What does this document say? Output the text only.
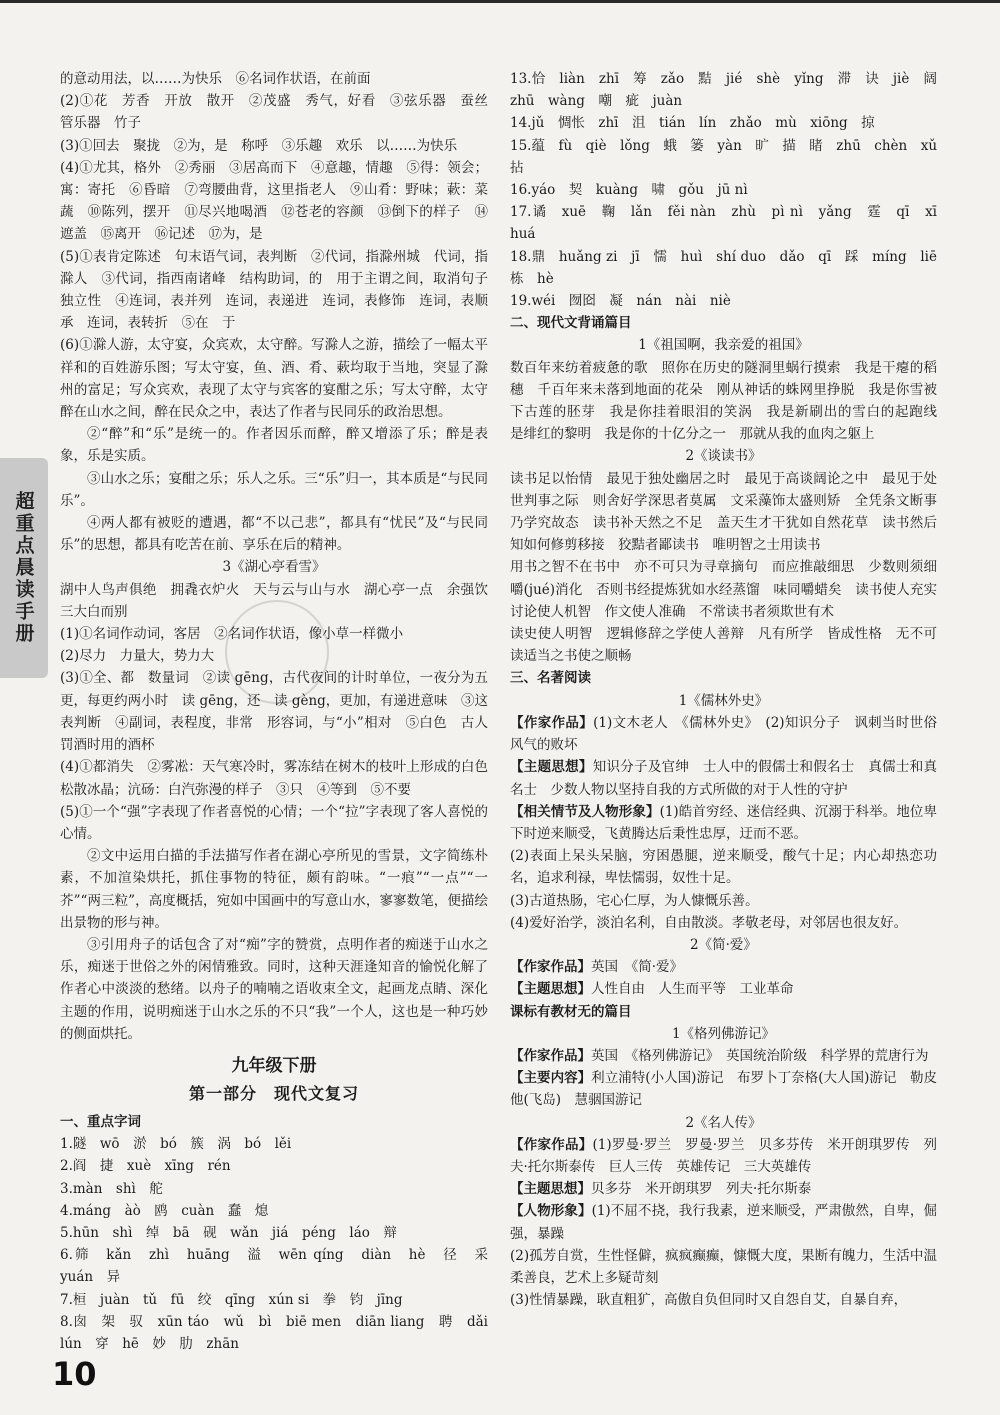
超重点晨读手册

的意动用法，以……为快乐　⑥名词作状语，在前面

(2)①花　芳香　开放　散开　②茂盛　秀气，好看　③弦乐器　蚕丝　管乐器　竹子

(3)①回去　聚拢　②为，是　称呼　③乐趣　欢乐　以……为快乐

(4)①尤其，格外　②秀丽　③居高而下　④意趣，情趣　⑤得：领会；寓：寄托　⑥昏暗　⑦弯腰曲背，这里指老人　⑨山肴：野味；蔌：菜蔬　⑩陈列，摆开　⑪尽兴地喝酒　⑫苍老的容颜　⑬倒下的样子　⑭遮盖　⑮离开　⑯记述　⑰为，是

(5)①表肯定陈述　句末语气词，表判断　②代词，指滁州城　代词，指滁人　③代词，指西南诸峰　结构助词，的　用于主谓之间，取消句子独立性　④连词，表并列　连词，表递进　连词，表修饰　连词，表顺承　连词，表转折　⑤在　于

(6)①滁人游，太守宴，众宾欢，太守醉。写滁人之游，描绘了一幅太平祥和的百姓游乐图；写太守宴，鱼、酒、肴、蔌均取于当地，突显了滁州的富足；写众宾欢，表现了太守与宾客的宴酣之乐；写太守醉，太守醉在山水之间，醉在民众之中，表达了作者与民同乐的政治思想。

②“醉”和“乐”是统一的。作者因乐而醉，醉又增添了乐；醉是表象，乐是实质。

③山水之乐；宴酣之乐；乐人之乐。三“乐”归一，其本质是“与民同乐”。

④两人都有被贬的遭遇，都“不以己悲”，都具有“忧民”及“与民同乐”的思想，都具有吃苦在前、享乐在后的精神。

3《湖心亭看雪》

湖中人鸟声俱绝　拥毳衣炉火　天与云与山与水　湖心亭一点　余强饮三大白而别

(1)①名词作动词，客居　②名词作状语，像小草一样微小

(2)尽力　力量大，势力大

(3)①全、都　数量词　②读 gēng，古代夜间的计时单位，一夜分为五更，每更约两小时　读 gēng，还　读 gèng，更加，有递进意味　③这　表判断　④副词，表程度，非常　形容词，与“小”相对　⑤白色　古人罚酒时用的酒杯

(4)①都消失　②雾凇：天气寒冷时，雾冻结在树木的枝叶上形成的白色松散冰晶；沆砀：白汽弥漫的样子　③只　④等到　⑤不要

(5)①一个“强”字表现了作者喜悦的心情；一个“拉”字表现了客人喜悦的心情。

②文中运用白描的手法描写作者在湖心亭所见的雪景，文字简练朴素，不加渲染烘托，抓住事物的特征，颇有韵味。“一痕”“一点”“一芥”“两三粒”，高度概括，宛如中国画中的写意山水，寥寥数笔，便描绘出景物的形与神。

③引用舟子的话包含了对“痴”字的赞赏，点明作者的痴迷于山水之乐，痴迷于世俗之外的闲情雅致。同时，这种天涯逢知音的愉悦化解了作者心中淡淡的愁绪。以舟子的喃喃之语收束全文，起画龙点睛、深化主题的作用，说明痴迷于山水之乐的不只“我”一个人，这也是一种巧妙的侧面烘托。

九年级下册
第一部分　现代文复习
一、重点字词

1.隧　wō　淤　bó　簇　涡　bó　lěi

2.阎　捷　xuè　xīng　rén

3.màn　shì　舵

4.máng　àò　鸥　cuàn　蠢　熄

5.hūn　shì　绰　bā　砚　wǎn　jiá　péng　láo　辩

6.筛　kǎn　zhì　huāng　溢　wēn qíng　diàn　hè　径　采　yuán　异

7.桓　juàn　tǔ　fū　绞　qīng　xún si　拳　钧　jīng

8.囱　架　驭　xūn táo　wǔ　bì　biē men　diān liang　聘　dǎi　lún　穿　hē　妙　肋　zhān

13.恰　liàn　zhī　筹　zǎo　黠　jié　shè　yǐng　滞　诀　jiè　阔　zhū　wàng　嘲　疵　juàn

14.jǔ　惆怅　zhī　沮　tián　lín　zhǎo　mù　xiōng　掠

15.蕴　fù　qiè　lǒng　蛾　篓　yàn　旷　描　睹　zhū　chèn　xǔ　拈

16.yáo　契　kuàng　啸　gǒu　jū nì

17.谲　xuē　鞠　lǎn　fěi nàn　zhù　pì nì　yǎng　霆　qī　xī　huá

18.鼎　huǎng zi　jī　懦　huì　shí duo　dǎo　qī　踩　míng　liē　栋　hè

19.wéi　囫囵　凝　nán　nài　niè

二、现代文背诵篇目

1《祖国啊，我亲爱的祖国》

数百年来纺着疲惫的歌　照你在历史的隧洞里蜗行摸索　我是干瘪的稻穗　千百年来未落到地面的花朵　刚从神话的蛛网里挣脱　我是你雪被下古莲的胚芽　我是你挂着眼泪的笑涡　我是新刷出的雪白的起跑线　是绯红的黎明　我是你的十亿分之一　那就从我的血肉之躯上

2《谈读书》

读书足以怡情　最见于独处幽居之时　最见于高谈阔论之中　最见于处世判事之际　则舍好学深思者莫属　文采藻饰太盛则矫　全凭条文断事乃学究故态　读书补天然之不足　盖天生才干犹如自然花草　读书然后知如何修剪移接　狡黠者鄙读书　唯明智之士用读书

用书之智不在书中　亦不可只为寻章摘句　而应推敲细思　少数则须细嚼(jué)消化　否则书经提炼犹如水经蒸馏　味同嚼蜡矣　读书使人充实　讨论使人机智　作文使人准确　不常读书者须欺世有术

读史使人明智　逻辑修辞之学使人善辩　凡有所学　皆成性格　无不可读适当之书使之顺畅

三、名著阅读

1《儒林外史》

【作家作品】(1)文木老人　《儒林外史》　(2)知识分子　讽刺当时世俗风气的败坏

【主题思想】知识分子及官绅　士人中的假儒士和假名士　真儒士和真名士　少数人物以坚持自我的方式所做的对于人性的守护

【相关情节及人物形象】(1)皓首穷经、迷信经典、沉溺于科举。地位卑下时逆来顺受，飞黄腾达后秉性忠厚，迂而不恶。

(2)表面上呆头呆脑，穷困愚腿，逆来顺受，酸气十足；内心却热恋功名，追求利禄，卑怯懦弱，奴性十足。

(3)古道热肠，宅心仁厚，为人慷慨乐善。

(4)爱好治学，淡泊名利，自由散淡。孝敬老母，对邻居也很友好。

2《简·爱》

【作家作品】英国　《简·爱》

【主题思想】人性自由　人生而平等　工业革命

课标有教材无的篇目

1《格列佛游记》

【作家作品】英国　《格列佛游记》　英国统治阶级　科学界的荒唐行为

【主要内容】利立浦特(小人国)游记　布罗卜丁奈格(大人国)游记　勒皮他(飞岛)　慧骃国游记

2《名人传》

【作家作品】(1)罗曼·罗兰　罗曼·罗兰　贝多芬传　米开朗琪罗传　列夫·托尔斯泰传　巨人三传　英雄传记　三大英雄传

【主题思想】贝多芬　米开朗琪罗　列夫·托尔斯泰

【人物形象】(1)不屈不挠，我行我素，逆来顺受，严肃傲然，自卑，倔强，暴躁

(2)孤芳自赏，生性怪僻，疯疯癫癫，慷慨大度，果断有魄力，生活中温柔善良，艺术上多疑苛刻

(3)性情暴躁，耿直粗犷，高傲自负但同时又自怨自艾，自暴自弃，

10
